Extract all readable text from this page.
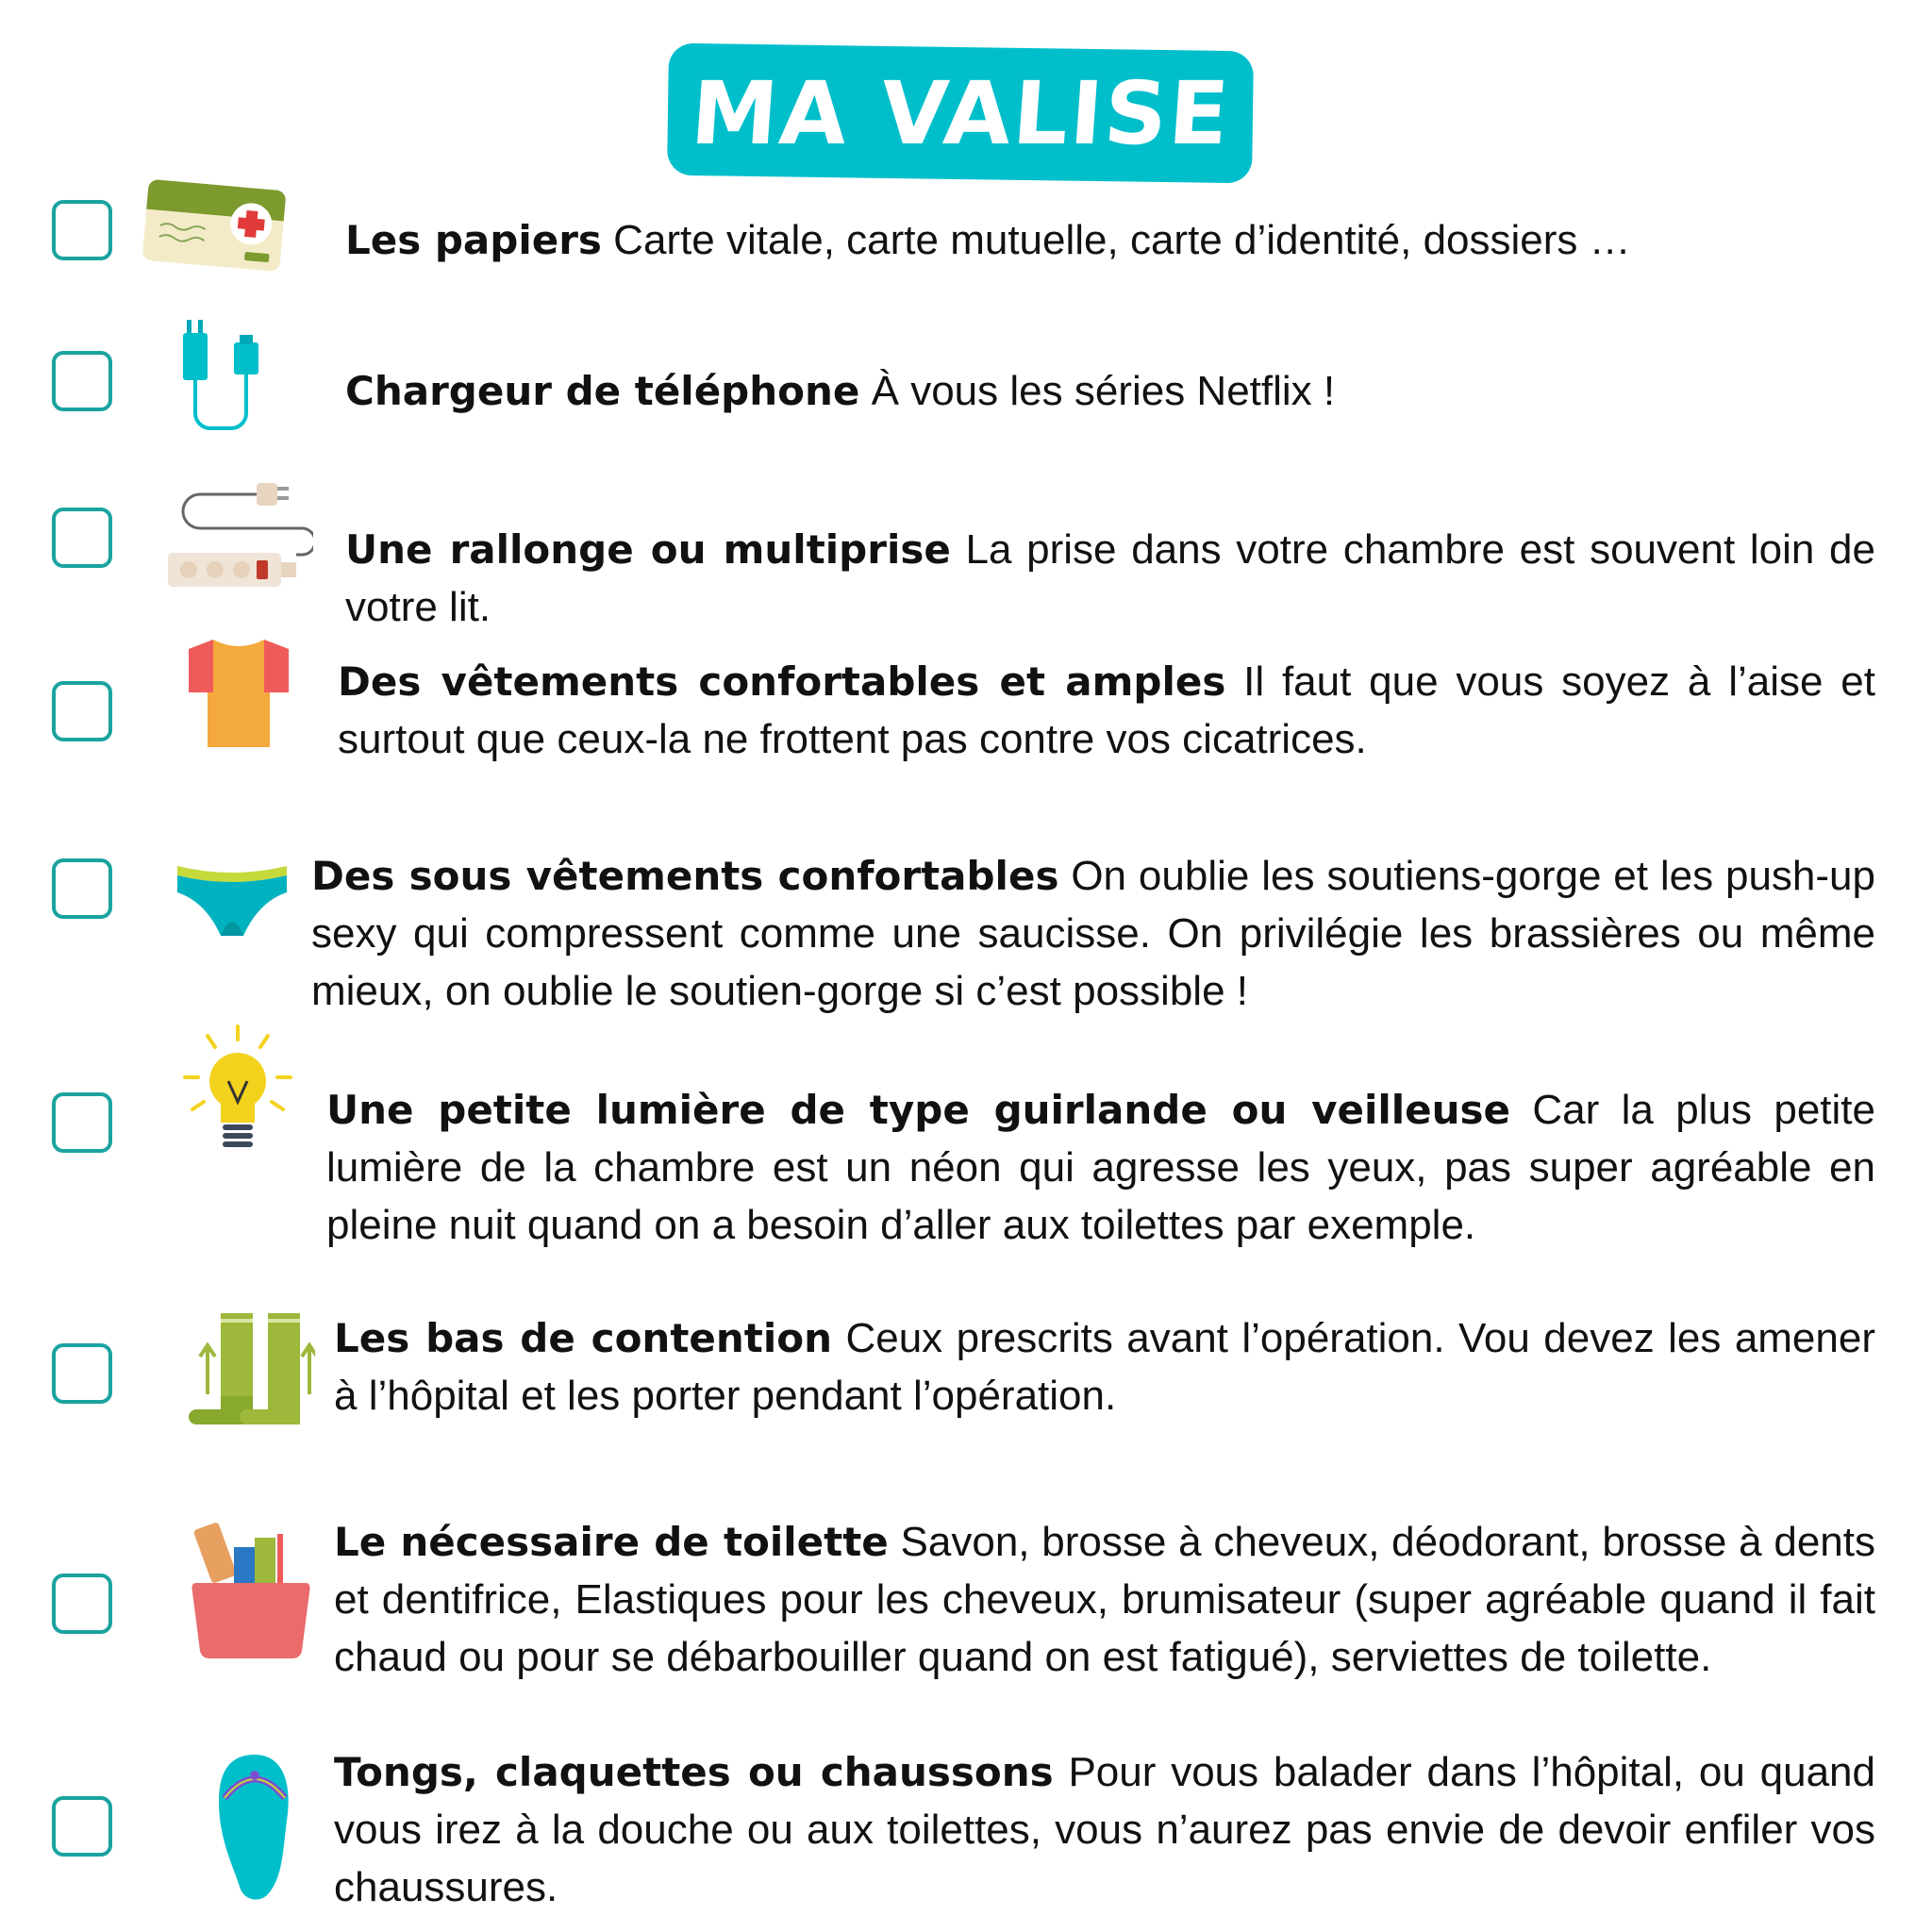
MA VALISE
Les papiers Carte vitale, carte mutuelle, carte d’identité, dossiers …
Chargeur de téléphone À vous les séries Netflix !
Une rallonge ou multiprise La prise dans votre chambre est souvent loin de votre lit.
Des vêtements confortables et amples Il faut que vous soyez à l’aise et surtout que ceux-la ne frottent pas contre vos cicatrices.
Des sous vêtements confortables On oublie les soutiens-gorge et les push-up sexy qui compressent comme une saucisse. On privilégie les brassières ou même mieux, on oublie le soutien-gorge si c’est possible !
Une petite lumière de type guirlande ou veilleuse Car la plus petite lumière de la chambre est un néon qui agresse les yeux, pas super agréable en pleine nuit quand on a besoin d’aller aux toilettes par exemple.
Les bas de contention Ceux prescrits avant l’opération. Vou devez les amener à l’hôpital et les porter pendant l’opération.
Le nécessaire de toilette Savon, brosse à cheveux, déodorant, brosse à dents et dentifrice, Elastiques pour les cheveux, brumisateur (super agréable quand il fait chaud ou pour se débarbouiller quand on est fatigué), serviettes de toilette.
Tongs, claquettes ou chaussons Pour vous balader dans l’hôpital, ou quand vous irez à la douche ou aux toilettes, vous n’aurez pas envie de devoir enfiler vos chaussures.
